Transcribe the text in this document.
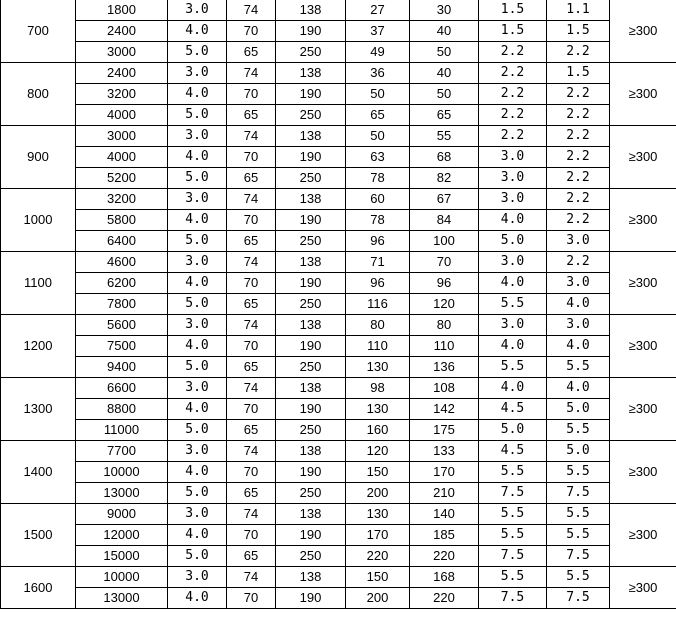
700	1800	3.0	74	138	27	30	1.5	1.1	≥300
	2400	4.0	70	190	37	40	1.5	1.5	
	3000	5.0	65	250	49	50	2.2	2.2	
800	2400	3.0	74	138	36	40	2.2	1.5	≥300
	3200	4.0	70	190	50	50	2.2	2.2	
	4000	5.0	65	250	65	65	2.2	2.2	
900	3000	3.0	74	138	50	55	2.2	2.2	≥300
	4000	4.0	70	190	63	68	3.0	2.2	
	5200	5.0	65	250	78	82	3.0	2.2	
1000	3200	3.0	74	138	60	67	3.0	2.2	≥300
	5800	4.0	70	190	78	84	4.0	2.2	
	6400	5.0	65	250	96	100	5.0	3.0	
1100	4600	3.0	74	138	71	70	3.0	2.2	≥300
	6200	4.0	70	190	96	96	4.0	3.0	
	7800	5.0	65	250	116	120	5.5	4.0	
1200	5600	3.0	74	138	80	80	3.0	3.0	≥300
	7500	4.0	70	190	110	110	4.0	4.0	
	9400	5.0	65	250	130	136	5.5	5.5	
1300	6600	3.0	74	138	98	108	4.0	4.0	≥300
	8800	4.0	70	190	130	142	4.5	5.0	
	11000	5.0	65	250	160	175	5.0	5.5	
1400	7700	3.0	74	138	120	133	4.5	5.0	≥300
	10000	4.0	70	190	150	170	5.5	5.5	
	13000	5.0	65	250	200	210	7.5	7.5	
1500	9000	3.0	74	138	130	140	5.5	5.5	≥300
	12000	4.0	70	190	170	185	5.5	5.5	
	15000	5.0	65	250	220	220	7.5	7.5	
1600	10000	3.0	74	138	150	168	5.5	5.5	≥300
	13000	4.0	70	190	200	220	7.5	7.5	
